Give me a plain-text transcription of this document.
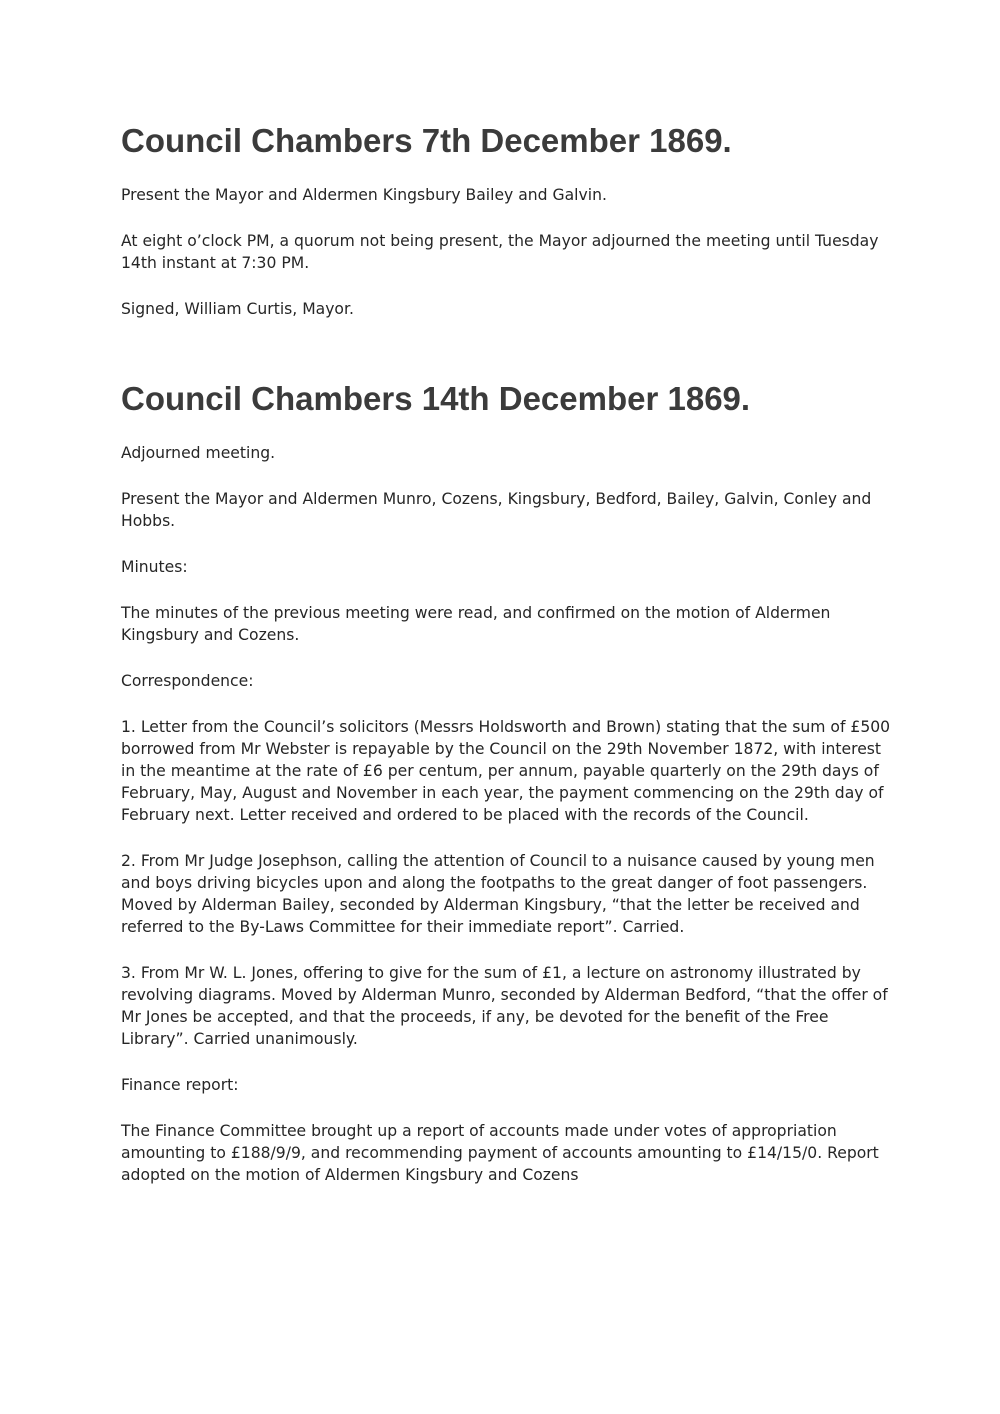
Council Chambers 7th December 1869.

Present the Mayor and Aldermen Kingsbury Bailey and Galvin.

At eight o’clock PM, a quorum not being present, the Mayor adjourned the meeting until Tuesday 14th instant at 7:30 PM.

Signed, William Curtis, Mayor.

Council Chambers 14th December 1869.

Adjourned meeting.

Present the Mayor and Aldermen Munro, Cozens, Kingsbury, Bedford, Bailey, Galvin, Conley and Hobbs.

Minutes:

The minutes of the previous meeting were read, and confirmed on the motion of Aldermen Kingsbury and Cozens.

Correspondence:

1. Letter from the Council’s solicitors (Messrs Holdsworth and Brown) stating that the sum of £500 borrowed from Mr Webster is repayable by the Council on the 29th November 1872, with interest in the meantime at the rate of £6 per centum, per annum, payable quarterly on the 29th days of February, May, August and November in each year, the payment commencing on the 29th day of February next. Letter received and ordered to be placed with the records of the Council.

2. From Mr Judge Josephson, calling the attention of Council to a nuisance caused by young men and boys driving bicycles upon and along the footpaths to the great danger of foot passengers. Moved by Alderman Bailey, seconded by Alderman Kingsbury, “that the letter be received and referred to the By-Laws Committee for their immediate report”. Carried.

3. From Mr W. L. Jones, offering to give for the sum of £1, a lecture on astronomy illustrated by revolving diagrams. Moved by Alderman Munro, seconded by Alderman Bedford, “that the offer of Mr Jones be accepted, and that the proceeds, if any, be devoted for the benefit of the Free Library”. Carried unanimously.

Finance report:

The Finance Committee brought up a report of accounts made under votes of appropriation amounting to £188/9/9, and recommending payment of accounts amounting to £14/15/0. Report adopted on the motion of Aldermen Kingsbury and Cozens
